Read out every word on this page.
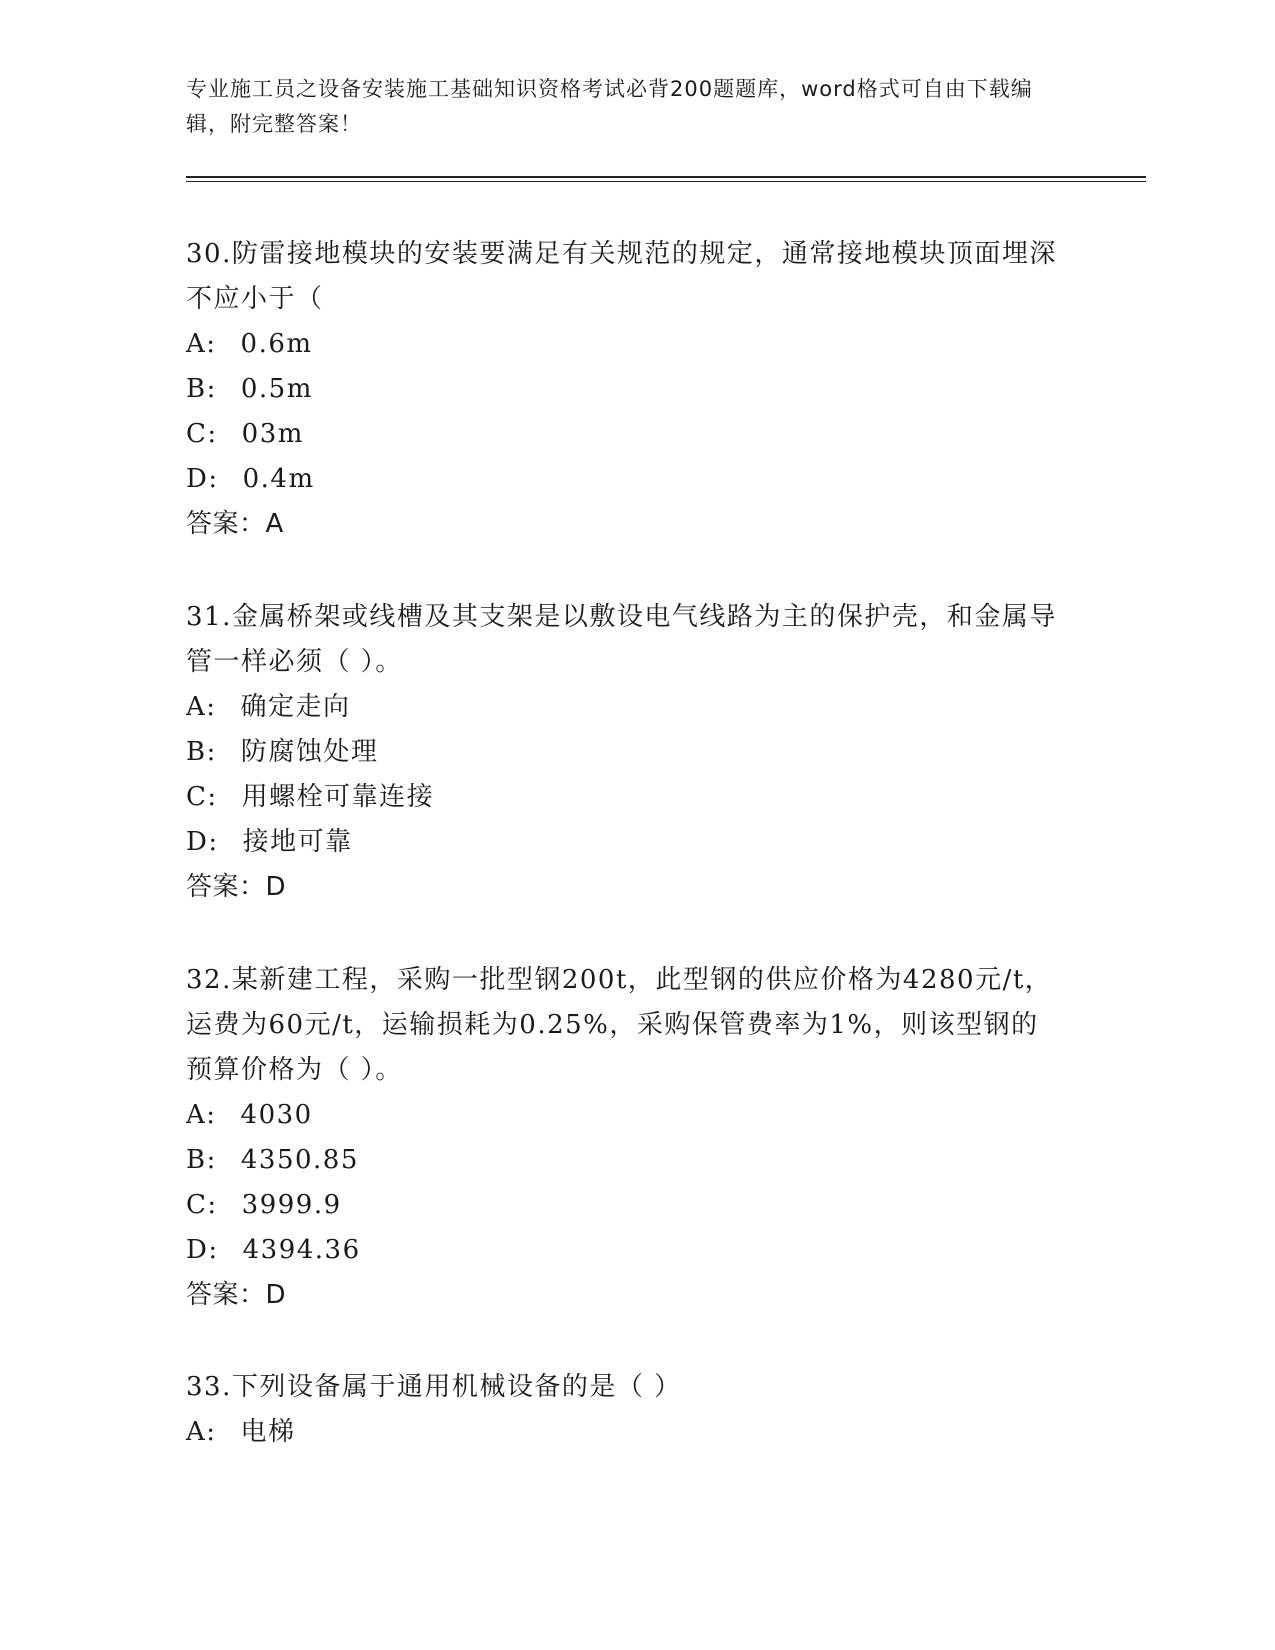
专业施工员之设备安装施工基础知识资格考试必背200题题库，word格式可自由下载编辑，附完整答案！

30.防雷接地模块的安装要满足有关规范的规定，通常接地模块顶面埋深不应小于（

A: 0.6m

B: 0.5m

C: 03m

D: 0.4m

答案：A

31.金属桥架或线槽及其支架是以敷设电气线路为主的保护壳，和金属导管一样必须（ ）。

A: 确定走向

B: 防腐蚀处理

C: 用螺栓可靠连接

D: 接地可靠

答案：D

32.某新建工程，采购一批型钢200t，此型钢的供应价格为4280元/t，运费为60元/t，运输损耗为0.25%，采购保管费率为1%，则该型钢的预算价格为（ ）。

A: 4030

B: 4350.85

C: 3999.9

D: 4394.36

答案：D

33.下列设备属于通用机械设备的是（ ）

A: 电梯
